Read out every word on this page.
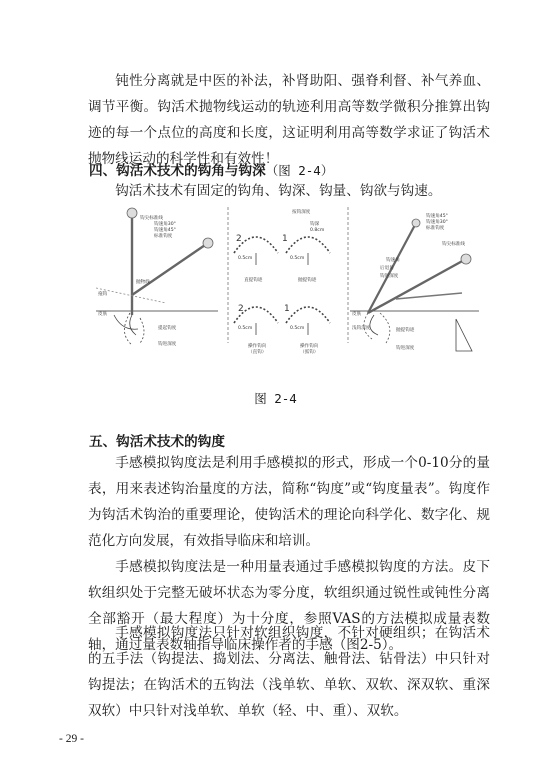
钝性分离就是中医的补法，补肾助阳、强脊利督、补气养血、调节平衡。钩活术抛物线运动的轨迹利用高等数学微积分推算出钩迹的每一个点位的高度和长度，这证明利用高等数学求证了钩活术抛物线运动的科学性和有效性！
四、钩活术技术的钩角与钩深（图 2-4）
钩活术技术有固定的钩角、钩深、钩量、钩欲与钩速。
钩尖标准线
钩速角30°
钩速角45°
标准钩度
拖钩
皮肤
抛物线
提起钩度
钩进深度
按钩深度
钩深
0.8cm
2	1
2	1
0.5cm	0.5cm
0.5cm	0.5cm
直提钩迹	抛提钩迹
操作钩向
（直钩）
操作钩向
（弧钩）
钩速角45°
钩速角30°
标准钩度
钩尖标准线
钩速角
后退角
钩进深度
皮肤
浅钩深度	抛提钩迹
钩进深度
图 2-4
五、钩活术技术的钩度
手感模拟钩度法是利用手感模拟的形式，形成一个0-10分的量表，用来表述钩治量度的方法，简称“钩度”或“钩度量表”。钩度作为钩活术钩治的重要理论，使钩活术的理论向科学化、数字化、规范化方向发展，有效指导临床和培训。
手感模拟钩度法是一种用量表通过手感模拟钩度的方法。皮下软组织处于完整无破坏状态为零分度，软组织通过锐性或钝性分离全部豁开（最大程度）为十分度，参照VAS的方法模拟成量表数轴，通过量表数轴指导临床操作者的手感（图2-5）。
手感模拟钩度法只针对软组织钩度，不针对硬组织；在钩活术的五手法（钩提法、捣划法、分离法、触骨法、钻骨法）中只针对钩提法；在钩活术的五钩法（浅单软、单软、双软、深双软、重深双软）中只针对浅单软、单软（轻、中、重）、双软。
- 29 -
